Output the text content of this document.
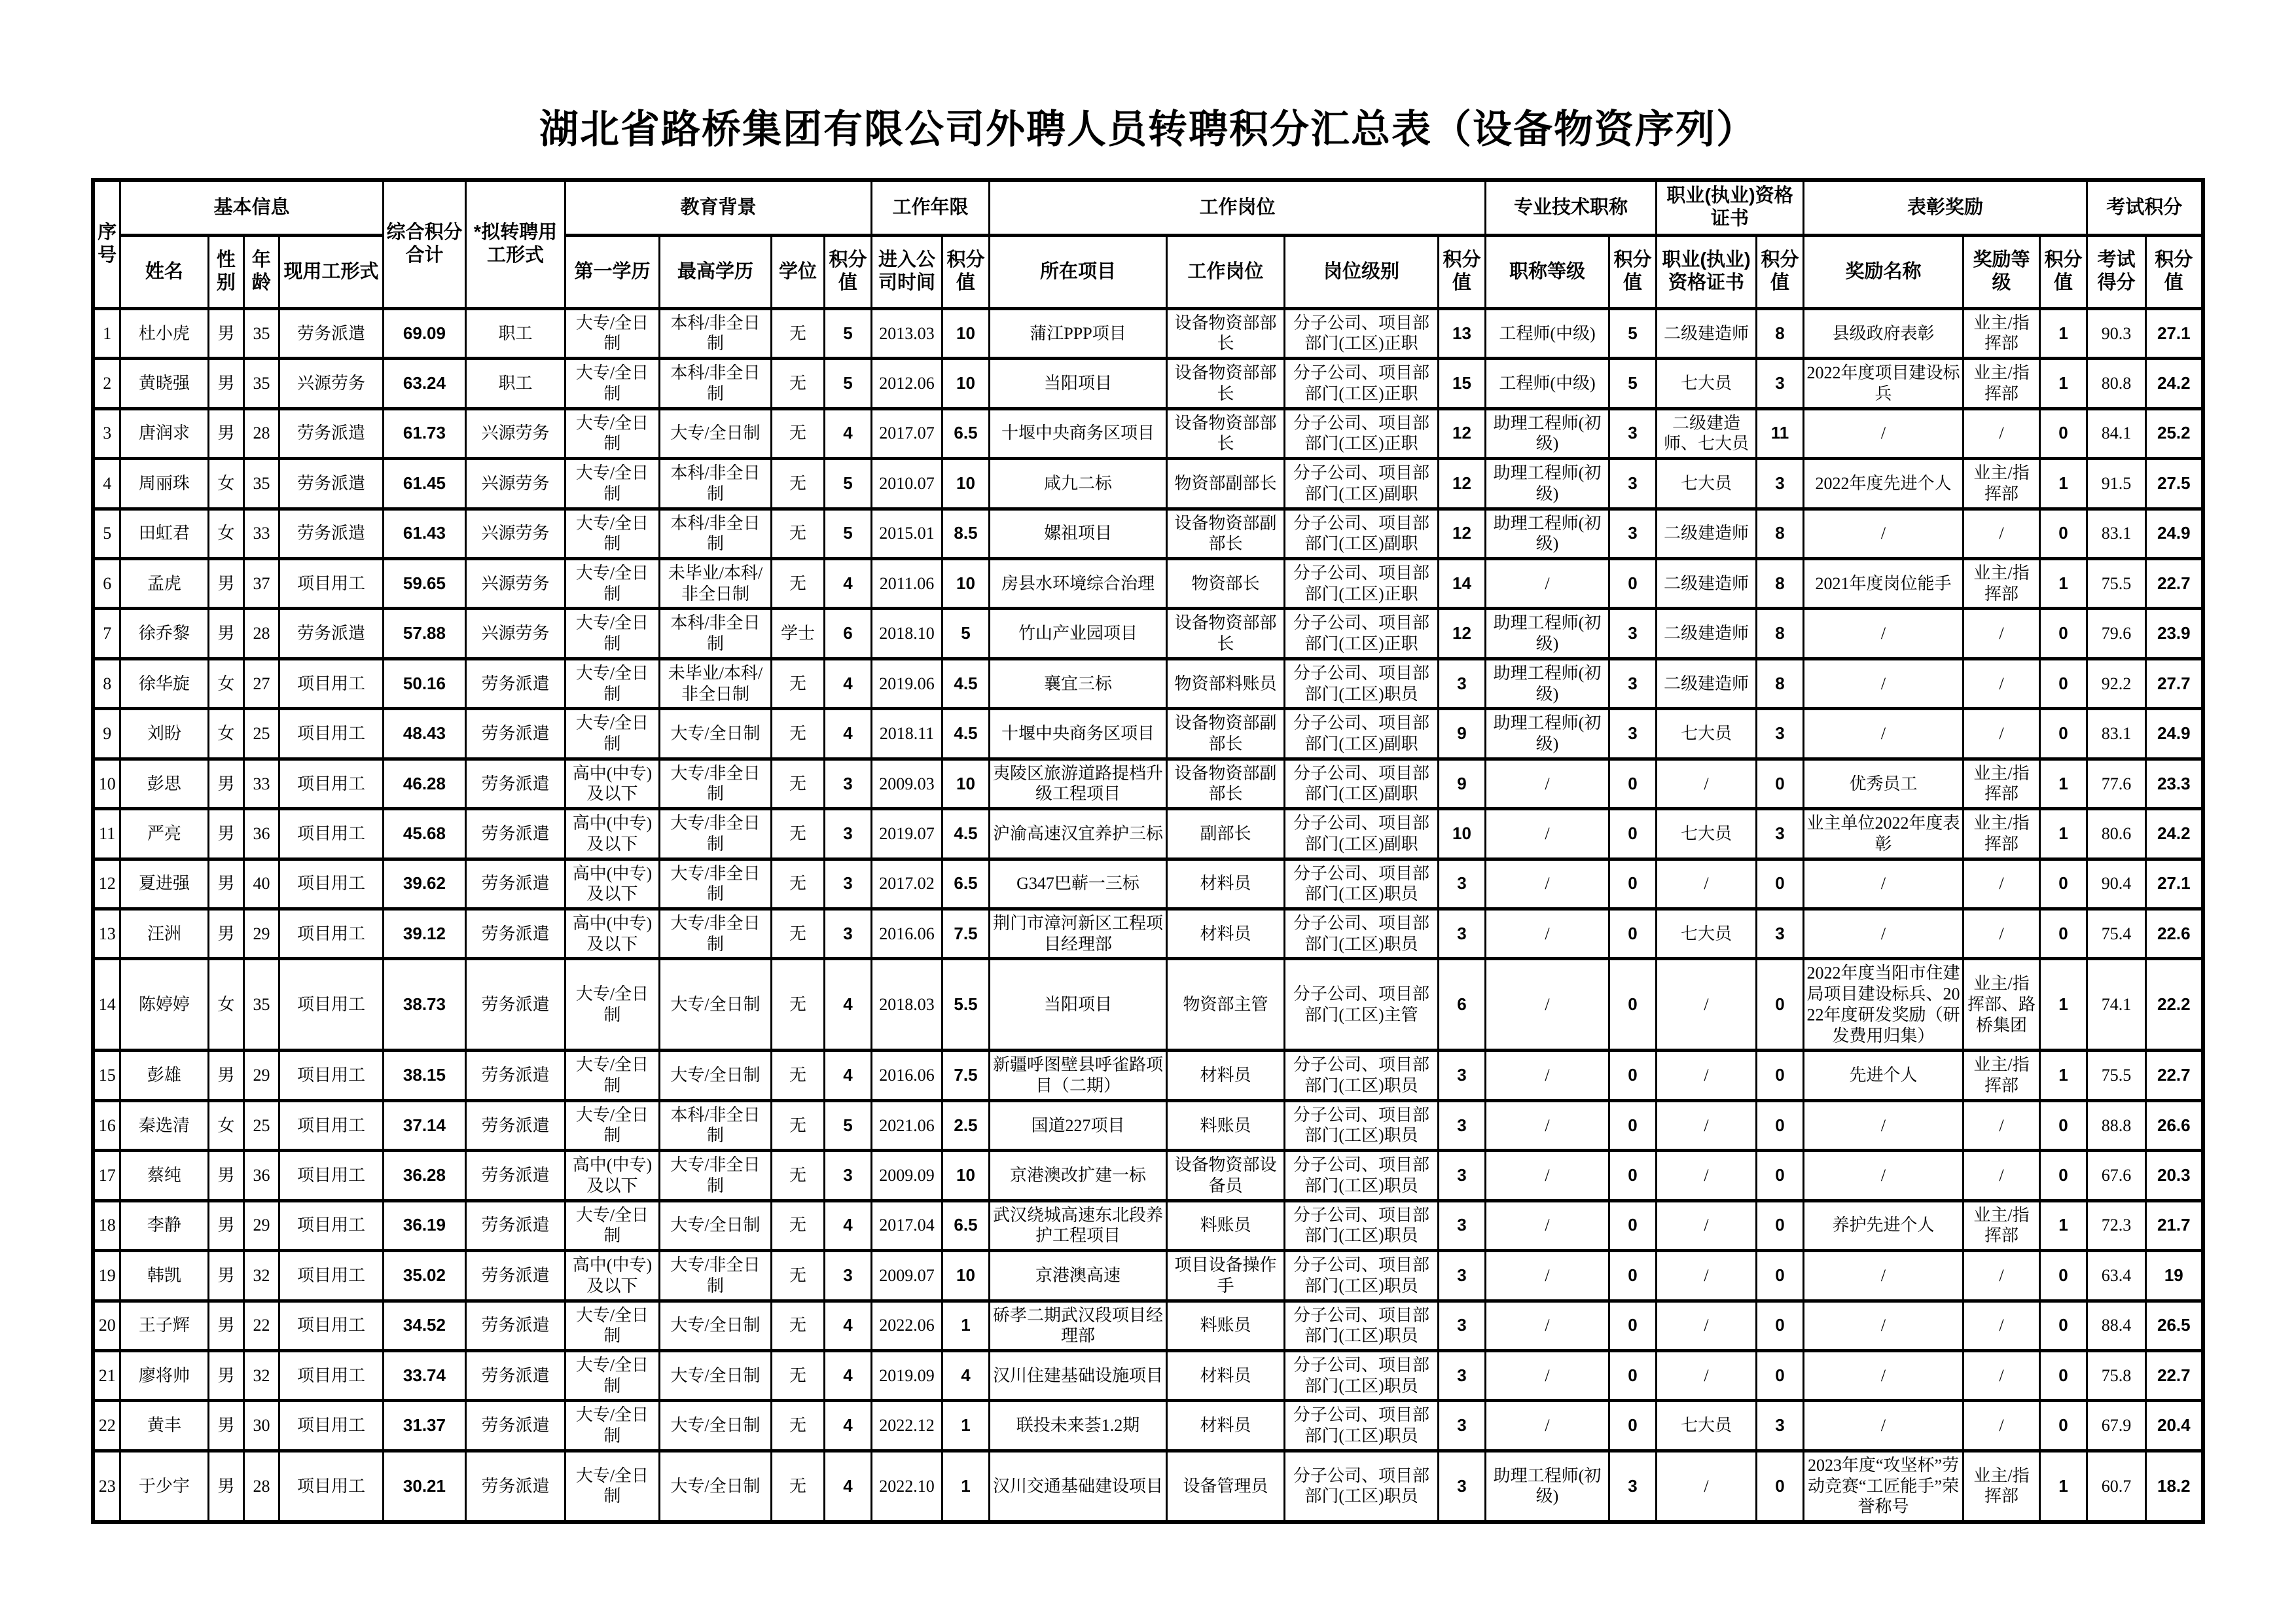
湖北省路桥集团有限公司外聘人员转聘积分汇总表（设备物资序列）
序号	基本信息				综合积分合计	*拟转聘用工形式	教育背景				工作年限		工作岗位				专业技术职称		职业(执业)资格证书		表彰奖励			考试积分	
	姓名	性别	年龄	现用工形式			第一学历	最高学历	学位	积分值	进入公司时间	积分值	所在项目	工作岗位	岗位级别	积分值	职称等级	积分值	职业(执业)资格证书	积分值	奖励名称	奖励等级	积分值	考试得分	积分值
1	杜小虎	男	35	劳务派遣	69.09	职工	大专/全日制	本科/非全日制	无	5	2013.03	10	蒲江PPP项目	设备物资部部长	分子公司、项目部部门(工区)正职	13	工程师(中级)	5	二级建造师	8	县级政府表彰	业主/指挥部	1	90.3	27.1
2	黄晓强	男	35	兴源劳务	63.24	职工	大专/全日制	本科/非全日制	无	5	2012.06	10	当阳项目	设备物资部部长	分子公司、项目部部门(工区)正职	15	工程师(中级)	5	七大员	3	2022年度项目建设标兵	业主/指挥部	1	80.8	24.2
3	唐润求	男	28	劳务派遣	61.73	兴源劳务	大专/全日制	大专/全日制	无	4	2017.07	6.5	十堰中央商务区项目	设备物资部部长	分子公司、项目部部门(工区)正职	12	助理工程师(初级)	3	二级建造师、七大员	11	/	/	0	84.1	25.2
4	周丽珠	女	35	劳务派遣	61.45	兴源劳务	大专/全日制	本科/非全日制	无	5	2010.07	10	咸九二标	物资部副部长	分子公司、项目部部门(工区)副职	12	助理工程师(初级)	3	七大员	3	2022年度先进个人	业主/指挥部	1	91.5	27.5
5	田虹君	女	33	劳务派遣	61.43	兴源劳务	大专/全日制	本科/非全日制	无	5	2015.01	8.5	嫘祖项目	设备物资部副部长	分子公司、项目部部门(工区)副职	12	助理工程师(初级)	3	二级建造师	8	/	/	0	83.1	24.9
6	孟虎	男	37	项目用工	59.65	兴源劳务	大专/全日制	未毕业/本科/非全日制	无	4	2011.06	10	房县水环境综合治理	物资部长	分子公司、项目部部门(工区)正职	14	/	0	二级建造师	8	2021年度岗位能手	业主/指挥部	1	75.5	22.7
7	徐乔黎	男	28	劳务派遣	57.88	兴源劳务	大专/全日制	本科/非全日制	学士	6	2018.10	5	竹山产业园项目	设备物资部部长	分子公司、项目部部门(工区)正职	12	助理工程师(初级)	3	二级建造师	8	/	/	0	79.6	23.9
8	徐华旋	女	27	项目用工	50.16	劳务派遣	大专/全日制	未毕业/本科/非全日制	无	4	2019.06	4.5	襄宜三标	物资部料账员	分子公司、项目部部门(工区)职员	3	助理工程师(初级)	3	二级建造师	8	/	/	0	92.2	27.7
9	刘盼	女	25	项目用工	48.43	劳务派遣	大专/全日制	大专/全日制	无	4	2018.11	4.5	十堰中央商务区项目	设备物资部副部长	分子公司、项目部部门(工区)副职	9	助理工程师(初级)	3	七大员	3	/	/	0	83.1	24.9
10	彭思	男	33	项目用工	46.28	劳务派遣	高中(中专)及以下	大专/非全日制	无	3	2009.03	10	夷陵区旅游道路提档升级工程项目	设备物资部副部长	分子公司、项目部部门(工区)副职	9	/	0	/	0	优秀员工	业主/指挥部	1	77.6	23.3
11	严亮	男	36	项目用工	45.68	劳务派遣	高中(中专)及以下	大专/非全日制	无	3	2019.07	4.5	沪渝高速汉宜养护三标	副部长	分子公司、项目部部门(工区)副职	10	/	0	七大员	3	业主单位2022年度表彰	业主/指挥部	1	80.6	24.2
12	夏进强	男	40	项目用工	39.62	劳务派遣	高中(中专)及以下	大专/非全日制	无	3	2017.02	6.5	G347巴蕲一三标	材料员	分子公司、项目部部门(工区)职员	3	/	0	/	0	/	/	0	90.4	27.1
13	汪洲	男	29	项目用工	39.12	劳务派遣	高中(中专)及以下	大专/非全日制	无	3	2016.06	7.5	荆门市漳河新区工程项目经理部	材料员	分子公司、项目部部门(工区)职员	3	/	0	七大员	3	/	/	0	75.4	22.6
14	陈婷婷	女	35	项目用工	38.73	劳务派遣	大专/全日制	大专/全日制	无	4	2018.03	5.5	当阳项目	物资部主管	分子公司、项目部部门(工区)主管	6	/	0	/	0	2022年度当阳市住建局项目建设标兵、2022年度研发奖励（研发费用归集）	业主/指挥部、路桥集团	1	74.1	22.2
15	彭雄	男	29	项目用工	38.15	劳务派遣	大专/全日制	大专/全日制	无	4	2016.06	7.5	新疆呼图壁县呼雀路项目（二期）	材料员	分子公司、项目部部门(工区)职员	3	/	0	/	0	先进个人	业主/指挥部	1	75.5	22.7
16	秦选清	女	25	项目用工	37.14	劳务派遣	大专/全日制	本科/非全日制	无	5	2021.06	2.5	国道227项目	料账员	分子公司、项目部部门(工区)职员	3	/	0	/	0	/	/	0	88.8	26.6
17	蔡纯	男	36	项目用工	36.28	劳务派遣	高中(中专)及以下	大专/非全日制	无	3	2009.09	10	京港澳改扩建一标	设备物资部设备员	分子公司、项目部部门(工区)职员	3	/	0	/	0	/	/	0	67.6	20.3
18	李静	男	29	项目用工	36.19	劳务派遣	大专/全日制	大专/全日制	无	4	2017.04	6.5	武汉绕城高速东北段养护工程项目	料账员	分子公司、项目部部门(工区)职员	3	/	0	/	0	养护先进个人	业主/指挥部	1	72.3	21.7
19	韩凯	男	32	项目用工	35.02	劳务派遣	高中(中专)及以下	大专/非全日制	无	3	2009.07	10	京港澳高速	项目设备操作手	分子公司、项目部部门(工区)职员	3	/	0	/	0	/	/	0	63.4	19
20	王子辉	男	22	项目用工	34.52	劳务派遣	大专/全日制	大专/全日制	无	4	2022.06	1	硚孝二期武汉段项目经理部	料账员	分子公司、项目部部门(工区)职员	3	/	0	/	0	/	/	0	88.4	26.5
21	廖将帅	男	32	项目用工	33.74	劳务派遣	大专/全日制	大专/全日制	无	4	2019.09	4	汉川住建基础设施项目	材料员	分子公司、项目部部门(工区)职员	3	/	0	/	0	/	/	0	75.8	22.7
22	黄丰	男	30	项目用工	31.37	劳务派遣	大专/全日制	大专/全日制	无	4	2022.12	1	联投未来荟1.2期	材料员	分子公司、项目部部门(工区)职员	3	/	0	七大员	3	/	/	0	67.9	20.4
23	于少宇	男	28	项目用工	30.21	劳务派遣	大专/全日制	大专/全日制	无	4	2022.10	1	汉川交通基础建设项目	设备管理员	分子公司、项目部部门(工区)职员	3	助理工程师(初级)	3	/	0	2023年度“攻坚杯”劳动竞赛“工匠能手”荣誉称号	业主/指挥部	1	60.7	18.2
